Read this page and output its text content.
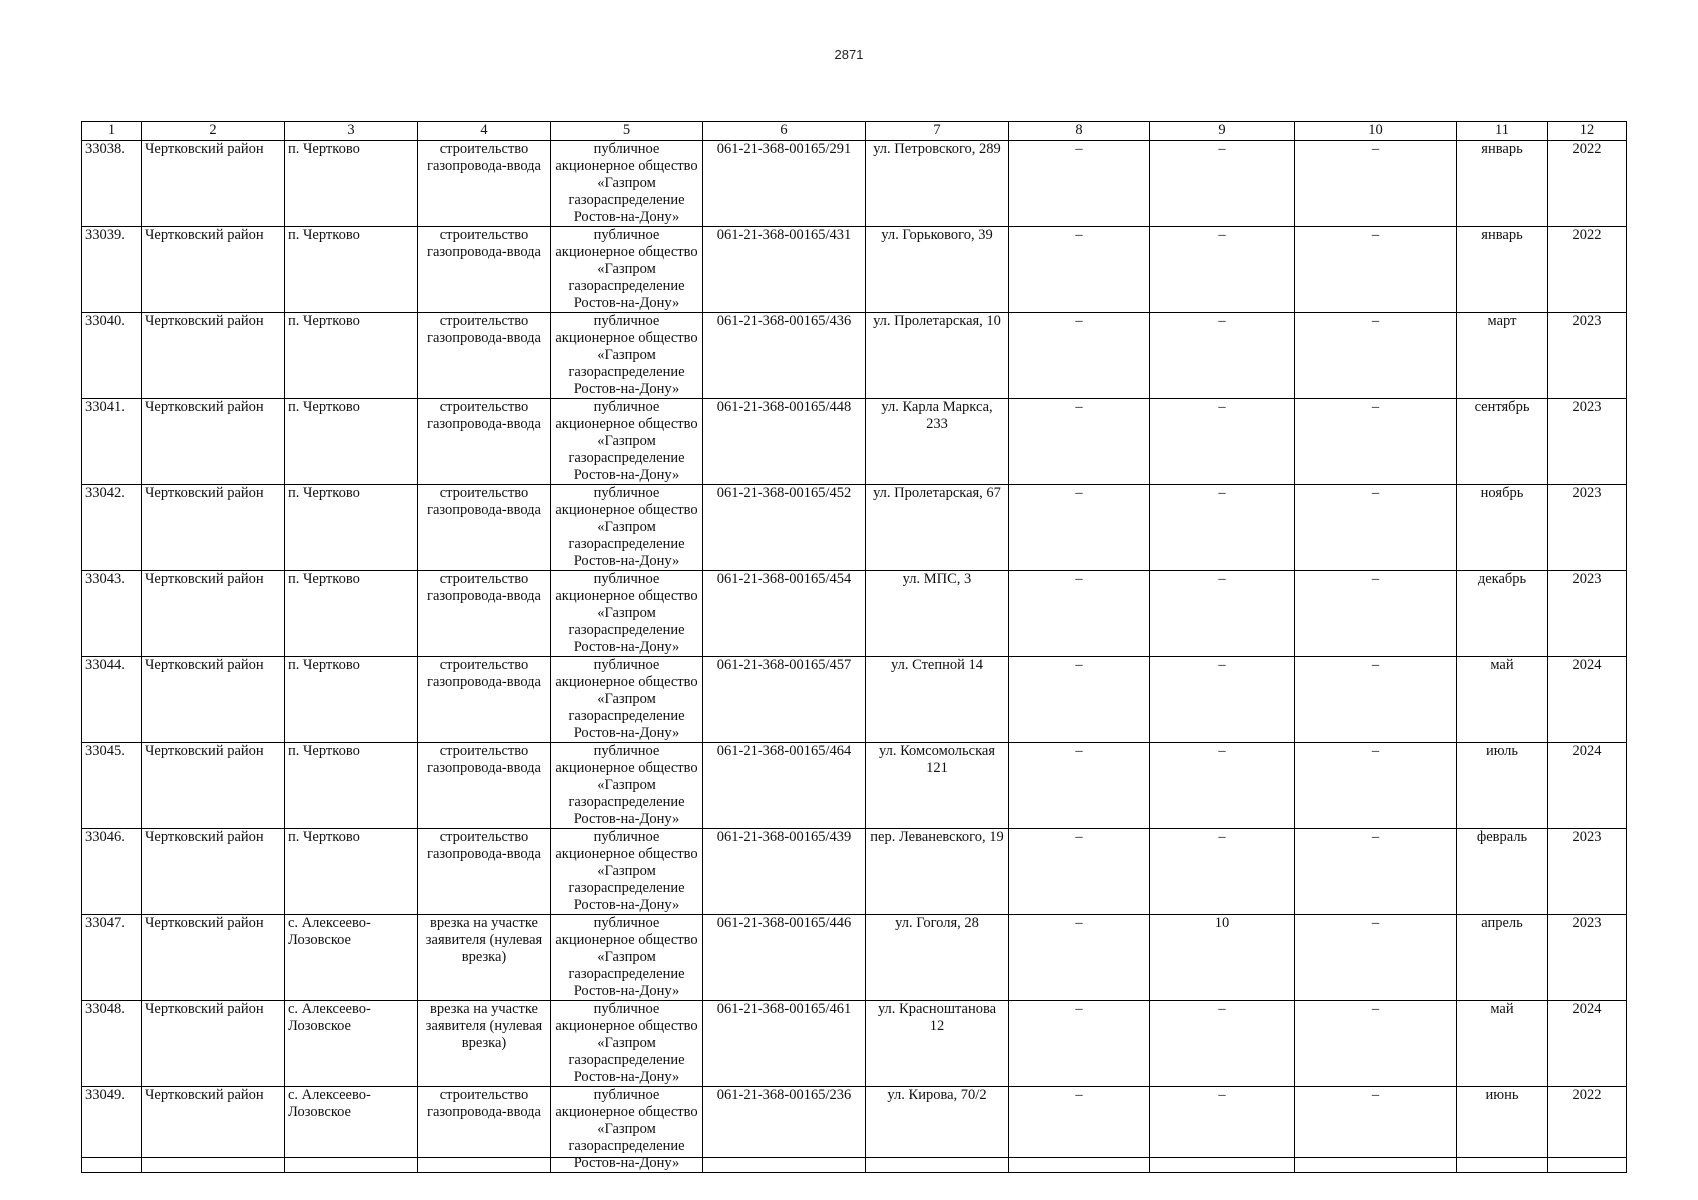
2871
1	2	3	4	5	6	7	8	9	10	11	12
33038.	Чертковский район	п. Чертково	строительство газопровода-ввода	публичное акционерное общество «Газпром газораспределение Ростов-на-Дону»	061-21-368-00165/291	ул. Петровского, 289	–	–	–	январь	2022
33039.	Чертковский район	п. Чертково	строительство газопровода-ввода	публичное акционерное общество «Газпром газораспределение Ростов-на-Дону»	061-21-368-00165/431	ул. Горькового, 39	–	–	–	январь	2022
33040.	Чертковский район	п. Чертково	строительство газопровода-ввода	публичное акционерное общество «Газпром газораспределение Ростов-на-Дону»	061-21-368-00165/436	ул. Пролетарская, 10	–	–	–	март	2023
33041.	Чертковский район	п. Чертково	строительство газопровода-ввода	публичное акционерное общество «Газпром газораспределение Ростов-на-Дону»	061-21-368-00165/448	ул. Карла Маркса, 233	–	–	–	сентябрь	2023
33042.	Чертковский район	п. Чертково	строительство газопровода-ввода	публичное акционерное общество «Газпром газораспределение Ростов-на-Дону»	061-21-368-00165/452	ул. Пролетарская, 67	–	–	–	ноябрь	2023
33043.	Чертковский район	п. Чертково	строительство газопровода-ввода	публичное акционерное общество «Газпром газораспределение Ростов-на-Дону»	061-21-368-00165/454	ул. МПС, 3	–	–	–	декабрь	2023
33044.	Чертковский район	п. Чертково	строительство газопровода-ввода	публичное акционерное общество «Газпром газораспределение Ростов-на-Дону»	061-21-368-00165/457	ул. Степной 14	–	–	–	май	2024
33045.	Чертковский район	п. Чертково	строительство газопровода-ввода	публичное акционерное общество «Газпром газораспределение Ростов-на-Дону»	061-21-368-00165/464	ул. Комсомольская 121	–	–	–	июль	2024
33046.	Чертковский район	п. Чертково	строительство газопровода-ввода	публичное акционерное общество «Газпром газораспределение Ростов-на-Дону»	061-21-368-00165/439	пер. Леваневского, 19	–	–	–	февраль	2023
33047.	Чертковский район	с. Алексеево-Лозовское	врезка на участке заявителя (нулевая врезка)	публичное акционерное общество «Газпром газораспределение Ростов-на-Дону»	061-21-368-00165/446	ул. Гоголя, 28	–	10	–	апрель	2023
33048.	Чертковский район	с. Алексеево-Лозовское	врезка на участке заявителя (нулевая врезка)	публичное акционерное общество «Газпром газораспределение Ростов-на-Дону»	061-21-368-00165/461	ул. Красноштанова 12	–	–	–	май	2024
33049.	Чертковский район	с. Алексеево-Лозовское	строительство газопровода-ввода	публичное акционерное общество «Газпром газораспределение Ростов-на-Дону»	061-21-368-00165/236	ул. Кирова, 70/2	–	–	–	июнь	2022
